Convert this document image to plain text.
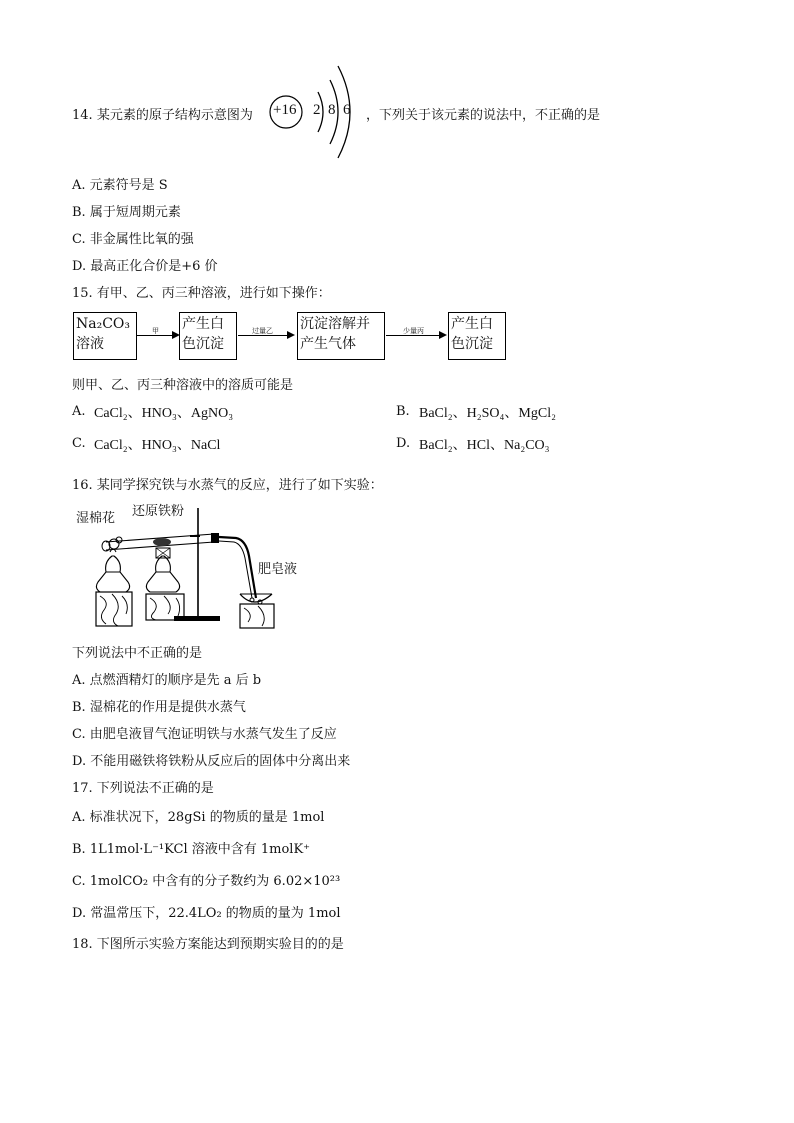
14. 某元素的原子结构示意图为 +16 2 8 6 ，下列关于该元素的说法中，不正确的是
A. 元素符号是 S
B. 属于短周期元素
C. 非金属性比氧的强
D. 最高正化合价是+6 价
15. 有甲、乙、丙三种溶液，进行如下操作：
Na₂CO₃
溶液
甲 产生白
色沉淀
过量乙 沉淀溶解并
产生气体
少量丙 产生白
色沉淀
则甲、乙、丙三种溶液中的溶质可能是
A. CaCl₂、HNO₃、AgNO₃	B. BaCl₂、H₂SO₄、MgCl₂
C. CaCl₂、HNO₃、NaCl	D. BaCl₂、HCl、Na₂CO₃
16. 某同学探究铁与水蒸气的反应，进行了如下实验：
湿棉花 还原铁粉
肥皂液
下列说法中不正确的是
A. 点燃酒精灯的顺序是先 a 后 b
B. 湿棉花的作用是提供水蒸气
C. 由肥皂液冒气泡证明铁与水蒸气发生了反应
D. 不能用磁铁将铁粉从反应后的固体中分离出来
17. 下列说法不正确的是
A. 标准状况下，28gSi 的物质的量是 1mol
B. 1L1mol·L⁻¹KCl 溶液中含有 1molK⁺
C. 1molCO₂ 中含有的分子数约为 6.02×10²³
D. 常温常压下，22.4LO₂ 的物质的量为 1mol
18. 下图所示实验方案能达到预期实验目的的是
